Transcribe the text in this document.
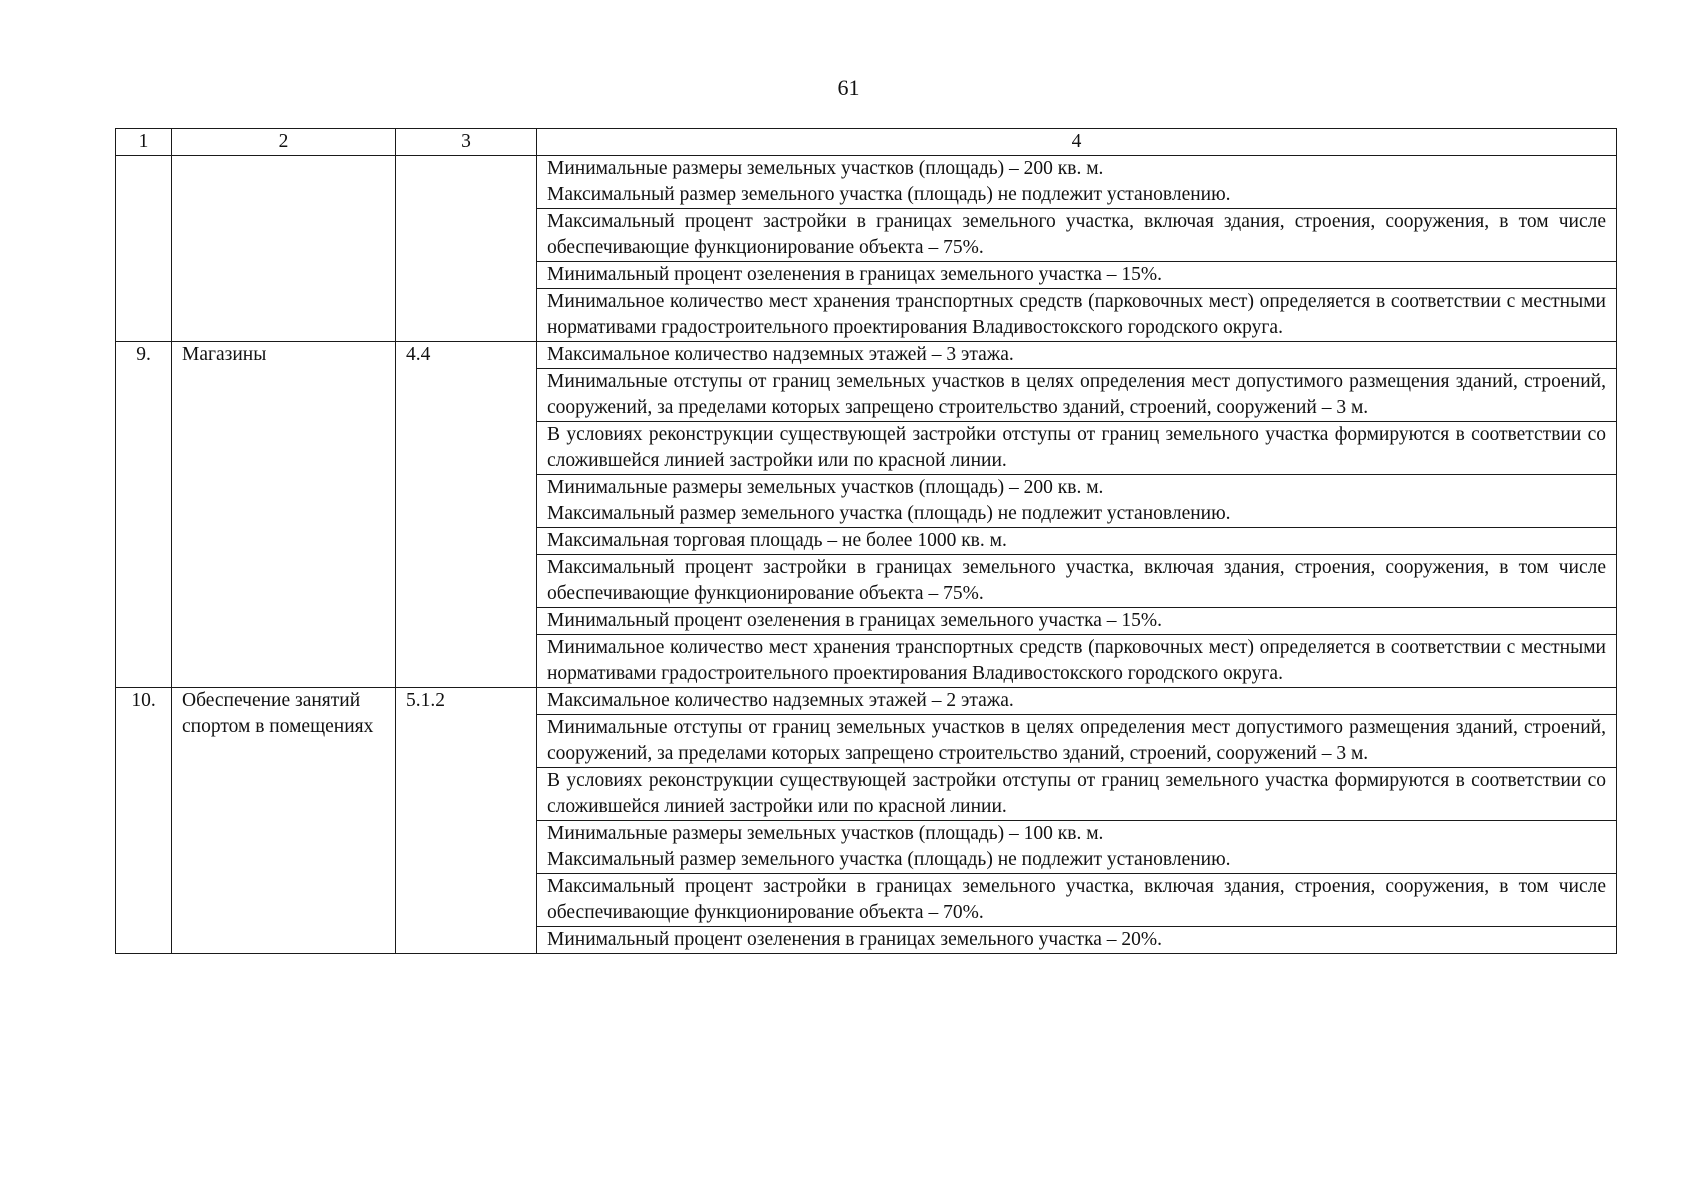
61
1	2	3	4

			Минимальные размеры земельных участков (площадь) – 200 кв. м.
Максимальный размер земельного участка (площадь) не подлежит установлению.

			Максимальный процент застройки в границах земельного участка, включая здания, строения, сооружения, в том числе обеспечивающие функционирование объекта – 75%.

			Минимальный процент озеленения в границах земельного участка – 15%.

			Минимальное количество мест хранения транспортных средств (парковочных мест) определяется в соответствии с местными нормативами градостроительного проектирования Владивостокского городского округа.

9.	Магазины	4.4	Максимальное количество надземных этажей – 3 этажа.

			Минимальные отступы от границ земельных участков в целях определения мест допустимого размещения зданий, строений, сооружений, за пределами которых запрещено строительство зданий, строений, сооружений – 3 м.

			В условиях реконструкции существующей застройки отступы от границ земельного участка формируются в соответствии со сложившейся линией застройки или по красной линии.

			Минимальные размеры земельных участков (площадь) – 200 кв. м.
Максимальный размер земельного участка (площадь) не подлежит установлению.

			Максимальная торговая площадь – не более 1000 кв. м.

			Максимальный процент застройки в границах земельного участка, включая здания, строения, сооружения, в том числе обеспечивающие функционирование объекта – 75%.

			Минимальный процент озеленения в границах земельного участка – 15%.

			Минимальное количество мест хранения транспортных средств (парковочных мест) определяется в соответствии с местными нормативами градостроительного проектирования Владивостокского городского округа.

10.	Обеспечение занятий спортом в помещениях	5.1.2	Максимальное количество надземных этажей – 2 этажа.

			Минимальные отступы от границ земельных участков в целях определения мест допустимого размещения зданий, строений, сооружений, за пределами которых запрещено строительство зданий, строений, сооружений – 3 м.

			В условиях реконструкции существующей застройки отступы от границ земельного участка формируются в соответствии со сложившейся линией застройки или по красной линии.

			Минимальные размеры земельных участков (площадь) – 100 кв. м.
Максимальный размер земельного участка (площадь) не подлежит установлению.

			Максимальный процент застройки в границах земельного участка, включая здания, строения, сооружения, в том числе обеспечивающие функционирование объекта – 70%.

			Минимальный процент озеленения в границах земельного участка – 20%.
